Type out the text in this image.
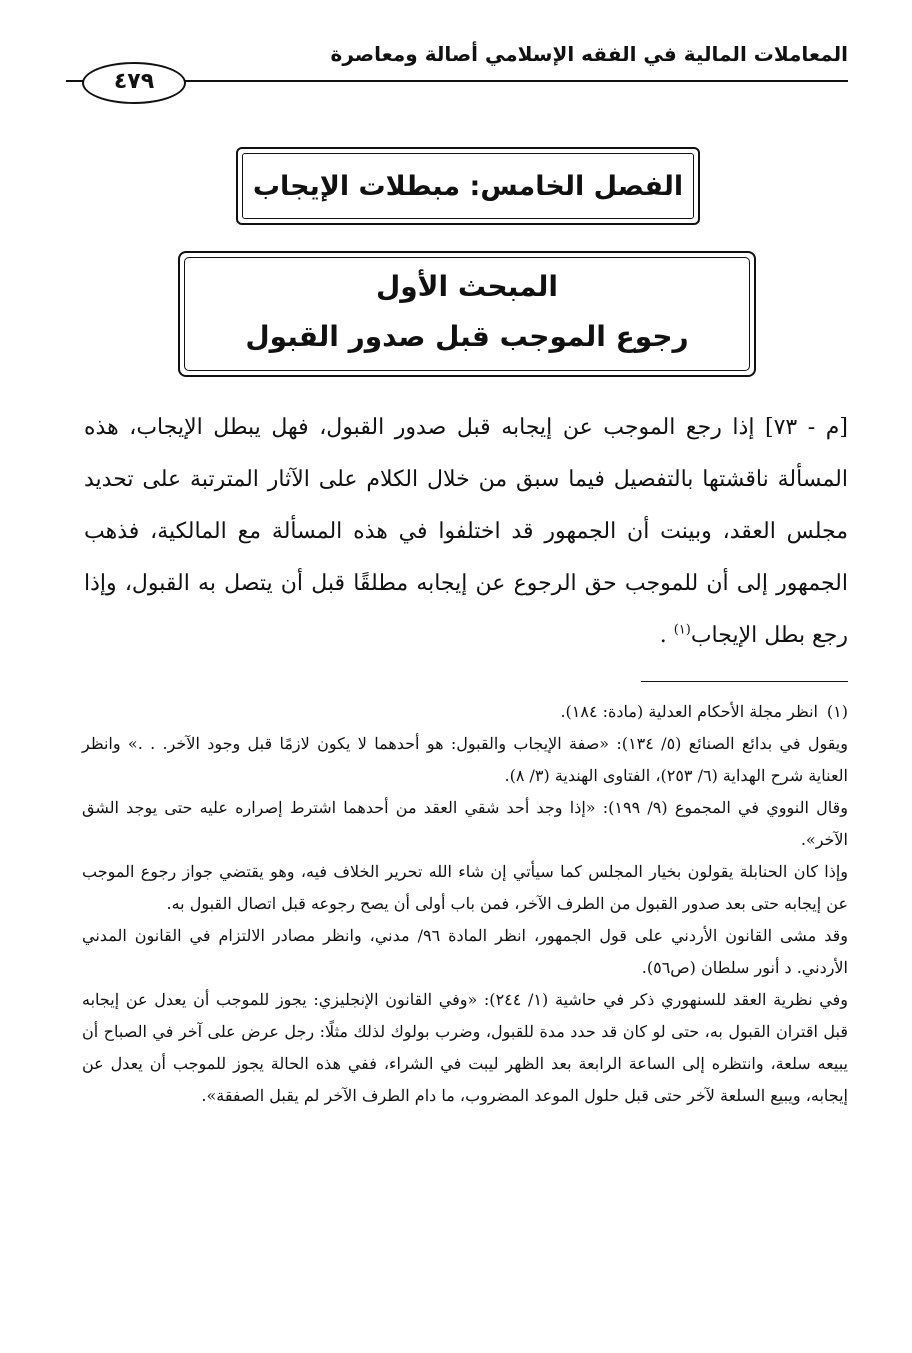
المعاملات المالية في الفقه الإسلامي أصالة ومعاصرة
٤٧٩
الفصل الخامس: مبطلات الإيجاب
المبحث الأول
رجوع الموجب قبل صدور القبول
[م - ٧٣] إذا رجع الموجب عن إيجابه قبل صدور القبول، فهل يبطل الإيجاب، هذه المسألة ناقشتها بالتفصيل فيما سبق من خلال الكلام على الآثار المترتبة على تحديد مجلس العقد، وبينت أن الجمهور قد اختلفوا في هذه المسألة مع المالكية، فذهب الجمهور إلى أن للموجب حق الرجوع عن إيجابه مطلقًا قبل أن يتصل به القبول، وإذا رجع بطل الإيجاب$^{(١)}$ .

(١)انظر مجلة الأحكام العدلية (مادة: ١٨٤).

ويقول في بدائع الصنائع (٥/ ١٣٤): «صفة الإيجاب والقبول: هو أحدهما لا يكون لازمًا قبل وجود الآخر. . .» وانظر العناية شرح الهداية (٦/ ٢٥٣)، الفتاوى الهندية (٣/ ٨).

وقال النووي في المجموع (٩/ ١٩٩): «إذا وجد أحد شقي العقد من أحدهما اشترط إصراره عليه حتى يوجد الشق الآخر».

وإذا كان الحنابلة يقولون بخيار المجلس كما سيأتي إن شاء الله تحرير الخلاف فيه، وهو يقتضي جواز رجوع الموجب عن إيجابه حتى بعد صدور القبول من الطرف الآخر، فمن باب أولى أن يصح رجوعه قبل اتصال القبول به.

وقد مشى القانون الأردني على قول الجمهور، انظر المادة ٩٦/ مدني، وانظر مصادر الالتزام في القانون المدني الأردني. د أنور سلطان (ص٥٦).

وفي نظرية العقد للسنهوري ذكر في حاشية (١/ ٢٤٤): «وفي القانون الإنجليزي: يجوز للموجب أن يعدل عن إيجابه قبل اقتران القبول به، حتى لو كان قد حدد مدة للقبول، وضرب بولوك لذلك مثلًا: رجل عرض على آخر في الصباح أن يبيعه سلعة، وانتظره إلى الساعة الرابعة بعد الظهر ليبت في الشراء، ففي هذه الحالة يجوز للموجب أن يعدل عن إيجابه، ويبيع السلعة لآخر حتى قبل حلول الموعد المضروب، ما دام الطرف الآخر لم يقبل الصفقة».
